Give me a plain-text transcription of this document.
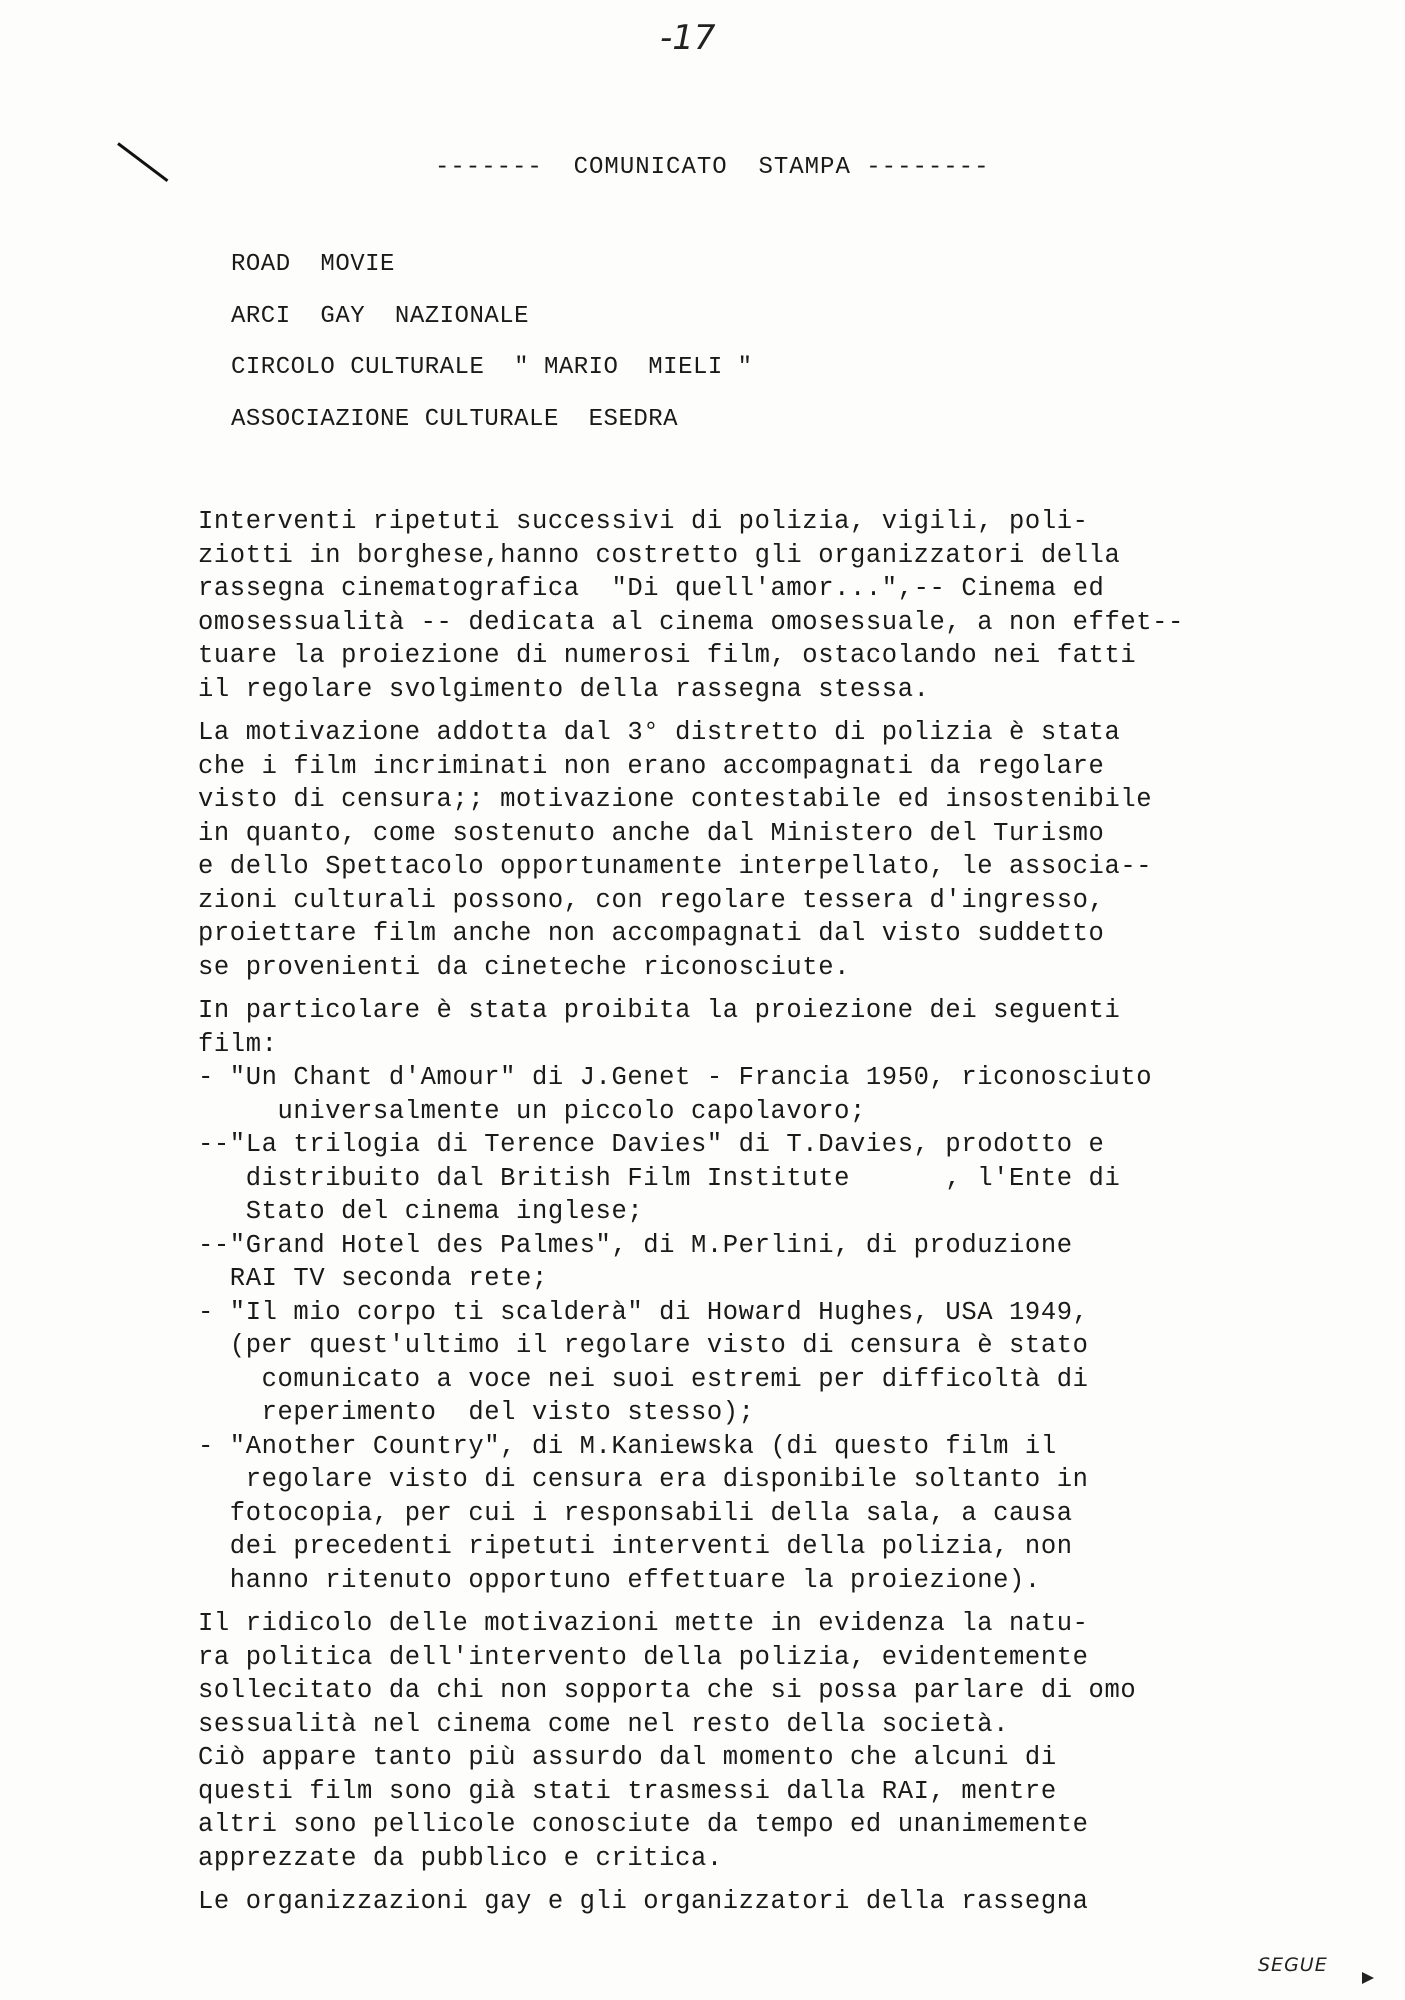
-17
-------  COMUNICATO  STAMPA --------
ROAD  MOVIE
ARCI  GAY  NAZIONALE
CIRCOLO CULTURALE  " MARIO  MIELI "
ASSOCIAZIONE CULTURALE  ESEDRA
Interventi ripetuti successivi di polizia, vigili, poli-
ziotti in borghese,hanno costretto gli organizzatori della
rassegna cinematografica  "Di quell'amor...",-- Cinema ed
omosessualità -- dedicata al cinema omosessuale, a non effet--
tuare la proiezione di numerosi film, ostacolando nei fatti
il regolare svolgimento della rassegna stessa.
La motivazione addotta dal 3° distretto di polizia è stata
che i film incriminati non erano accompagnati da regolare
visto di censura;; motivazione contestabile ed insostenibile
in quanto, come sostenuto anche dal Ministero del Turismo
e dello Spettacolo opportunamente interpellato, le associa--
zioni culturali possono, con regolare tessera d'ingresso,
proiettare film anche non accompagnati dal visto suddetto
se provenienti da cineteche riconosciute.
In particolare è stata proibita la proiezione dei seguenti
film:
- "Un Chant d'Amour" di J.Genet - Francia 1950, riconosciuto
universalmente un piccolo capolavoro;
--"La trilogia di Terence Davies" di T.Davies, prodotto e
distribuito dal British Film Institute      , l'Ente di
Stato del cinema inglese;
--"Grand Hotel des Palmes", di M.Perlini, di produzione
RAI TV seconda rete;
- "Il mio corpo ti scalderà" di Howard Hughes, USA 1949,
(per quest'ultimo il regolare visto di censura è stato
comunicato a voce nei suoi estremi per difficoltà di
reperimento  del visto stesso);
- "Another Country", di M.Kaniewska (di questo film il
regolare visto di censura era disponibile soltanto in
fotocopia, per cui i responsabili della sala, a causa
dei precedenti ripetuti interventi della polizia, non
hanno ritenuto opportuno effettuare la proiezione).
Il ridicolo delle motivazioni mette in evidenza la natu-
ra politica dell'intervento della polizia, evidentemente
sollecitato da chi non sopporta che si possa parlare di omo
sessualità nel cinema come nel resto della società.
Ciò appare tanto più assurdo dal momento che alcuni di
questi film sono già stati trasmessi dalla RAI, mentre
altri sono pellicole conosciute da tempo ed unanimemente
apprezzate da pubblico e critica.
Le organizzazioni gay e gli organizzatori della rassegna
SEGUE
